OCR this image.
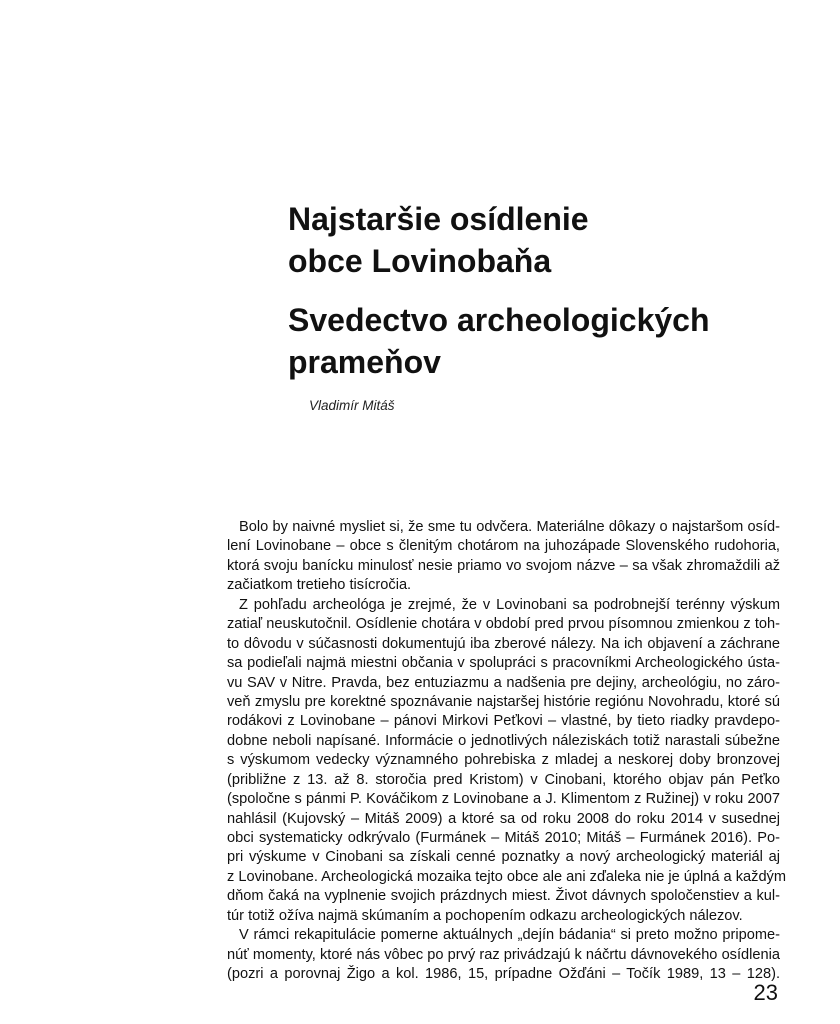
Najstaršie osídlenie
obce Lovinobaňa
Svedectvo archeologických
prameňov
Vladimír Mitáš
Bolo by naivné mysliet si, že sme tu odvčera. Materiálne dôkazy o najstaršom osíd-
lení Lovinobane – obce s členitým chotárom na juhozápade Slovenského rudohoria,
ktorá svoju banícku minulosť nesie priamo vo svojom názve – sa však zhromaždili až
začiatkom tretieho tisícročia.
Z pohľadu archeológa je zrejmé, že v Lovinobani sa podrobnejší terénny výskum
zatiaľ neuskutočnil. Osídlenie chotára v období pred prvou písomnou zmienkou z toh-
to dôvodu v súčasnosti dokumentujú iba zberové nálezy. Na ich objavení a záchrane
sa podieľali najmä miestni občania v spolupráci s pracovníkmi Archeologického ústa-
vu SAV v Nitre. Pravda, bez entuziazmu a nadšenia pre dejiny, archeológiu, no záro-
veň zmyslu pre korektné spoznávanie najstaršej histórie regiónu Novohradu, ktoré sú
rodákovi z Lovinobane – pánovi Mirkovi Peťkovi – vlastné, by tieto riadky pravdepo-
dobne neboli napísané. Informácie o jednotlivých náleziskách totiž narastali súbežne
s výskumom vedecky významného pohrebiska z mladej a neskorej doby bronzovej
(približne z 13. až 8. storočia pred Kristom) v Cinobani, ktorého objav pán Peťko
(spoločne s pánmi P. Kováčikom z Lovinobane a J. Klimentom z Ružinej) v roku 2007
nahlásil (Kujovský – Mitáš 2009) a ktoré sa od roku 2008 do roku 2014 v susednej
obci systematicky odkrývalo (Furmánek – Mitáš 2010; Mitáš – Furmánek 2016). Po-
pri výskume v Cinobani sa získali cenné poznatky a nový archeologický materiál aj
z Lovinobane. Archeologická mozaika tejto obce ale ani zďaleka nie je úplná a každým
dňom čaká na vyplnenie svojich prázdnych miest. Život dávnych spoločenstiev a kul-
túr totiž ožíva najmä skúmaním a pochopením odkazu archeologických nálezov.
V rámci rekapitulácie pomerne aktuálnych „dejín bádania“ si preto možno pripome-
núť momenty, ktoré nás vôbec po prvý raz privádzajú k náčrtu dávnovekého osídlenia
(pozri a porovnaj Žigo a kol. 1986, 15, prípadne Ožďáni – Točík 1989, 13 – 128).
23
